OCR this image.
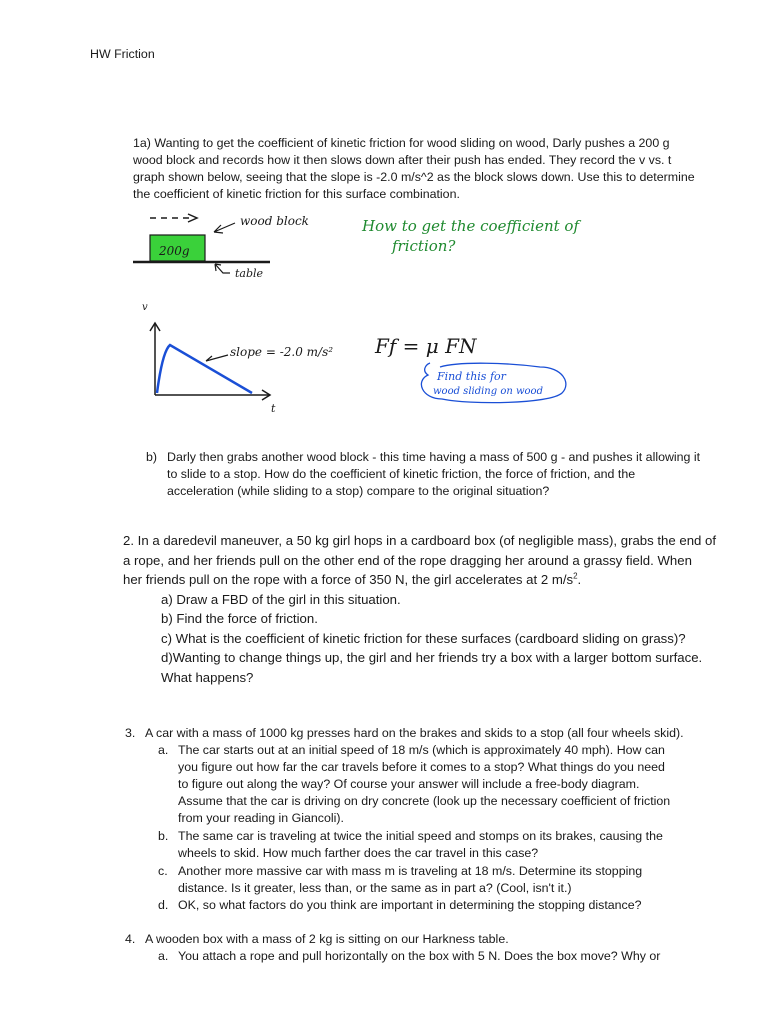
HW Friction
1a) Wanting to get the coefficient of kinetic friction for wood sliding on wood, Darly pushes a 200 g
wood block and records how it then slows down after their push has ended. They record the v vs. t
graph shown below, seeing that the slope is -2.0 m/s^2 as the block slows down. Use this to determine
the coefficient of kinetic friction for this surface combination.
200g
wood block
table
How to get the coefficient of
friction?
v
t
slope = -2.0 m/s² Ff = μ FN
Find this for
wood sliding on wood
b) Darly then grabs another wood block - this time having a mass of 500 g - and pushes it allowing it
to slide to a stop. How do the coefficient of kinetic friction, the force of friction, and the
acceleration (while sliding to a stop) compare to the original situation?
2. In a daredevil maneuver, a 50 kg girl hops in a cardboard box (of negligible mass), grabs the end of
a rope, and her friends pull on the other end of the rope dragging her around a grassy field. When
her friends pull on the rope with a force of 350 N, the girl accelerates at 2 $m/s^2$.
a) Draw a FBD of the girl in this situation.
b) Find the force of friction.
c) What is the coefficient of kinetic friction for these surfaces (cardboard sliding on grass)?
d)Wanting to change things up, the girl and her friends try a box with a larger bottom surface.
What happens?
3. A car with a mass of 1000 kg presses hard on the brakes and skids to a stop (all four wheels skid).
a. The car starts out at an initial speed of 18 m/s (which is approximately 40 mph). How can
you figure out how far the car travels before it comes to a stop? What things do you need
to figure out along the way? Of course your answer will include a free-body diagram.
Assume that the car is driving on dry concrete (look up the necessary coefficient of friction
from your reading in Giancoli).
b. The same car is traveling at twice the initial speed and stomps on its brakes, causing the
wheels to skid. How much farther does the car travel in this case?
c. Another more massive car with mass m is traveling at 18 m/s. Determine its stopping
distance. Is it greater, less than, or the same as in part a? (Cool, isn't it.)
d. OK, so what factors do you think are important in determining the stopping distance?
4. A wooden box with a mass of 2 kg is sitting on our Harkness table.
a. You attach a rope and pull horizontally on the box with 5 N. Does the box move? Why or
